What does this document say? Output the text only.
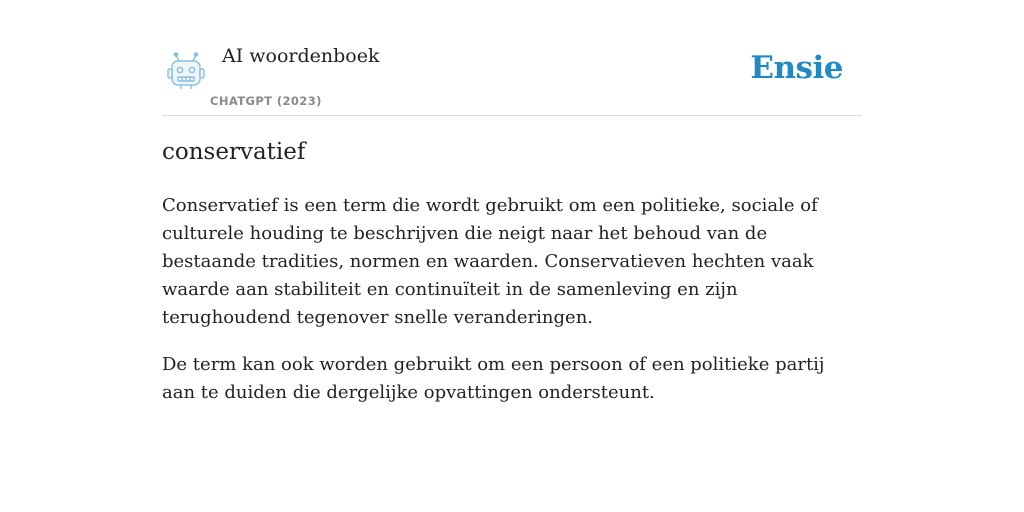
AI woordenboek
CHATGPT (2023)
Ensie
conservatief

Conservatief is een term die wordt gebruikt om een politieke, sociale of culturele houding te beschrijven die neigt naar het behoud van de bestaande tradities, normen en waarden. Conservatieven hechten vaak waarde aan stabiliteit en continuïteit in de samenleving en zijn terughoudend tegenover snelle veranderingen.

De term kan ook worden gebruikt om een persoon of een politieke partij aan te duiden die dergelijke opvattingen ondersteunt.
